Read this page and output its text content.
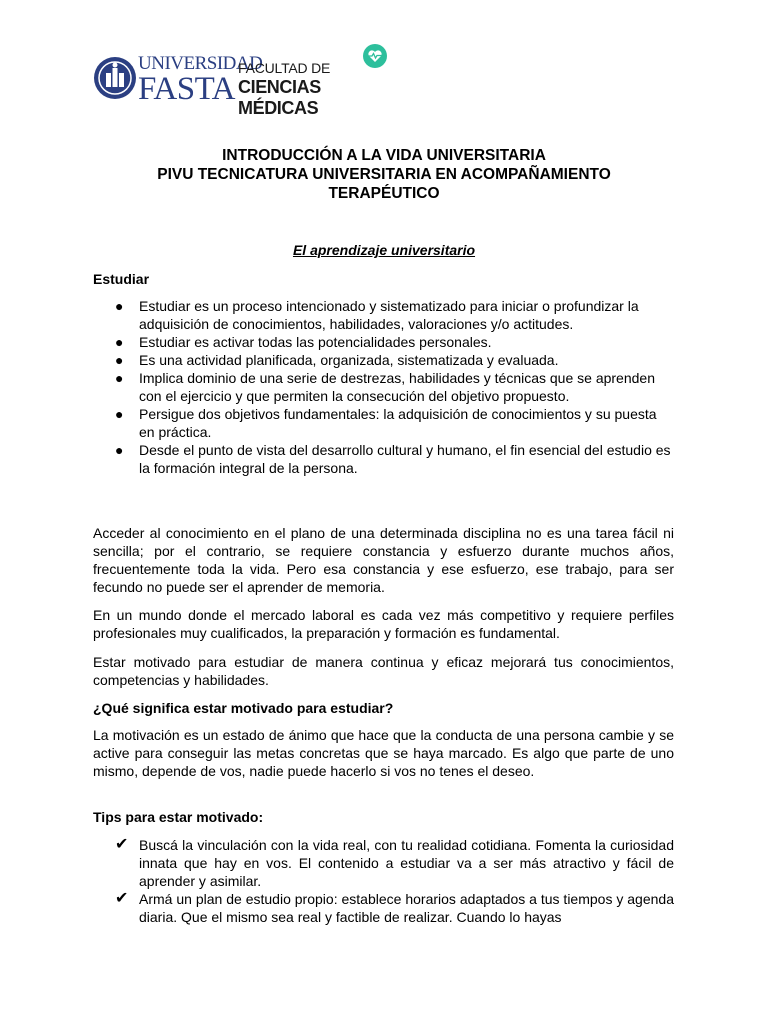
UNIVERSIDAD
FASTA
FACULTAD DE
CIENCIAS MÉDICAS
INTRODUCCIÓN A LA VIDA UNIVERSITARIA
PIVU TECNICATURA UNIVERSITARIA EN ACOMPAÑAMIENTO
TERAPÉUTICO
El aprendizaje universitario
Estudiar
● Estudiar es un proceso intencionado y sistematizado para iniciar o profundizar la adquisición de conocimientos, habilidades, valoraciones y/o actitudes.
● Estudiar es activar todas las potencialidades personales.
● Es una actividad planificada, organizada, sistematizada y evaluada.
● Implica dominio de una serie de destrezas, habilidades y técnicas que se aprenden con el ejercicio y que permiten la consecución del objetivo propuesto.
● Persigue dos objetivos fundamentales: la adquisición de conocimientos y su puesta en práctica.
● Desde el punto de vista del desarrollo cultural y humano, el fin esencial del estudio es la formación integral de la persona.
Acceder al conocimiento en el plano de una determinada disciplina no es una tarea fácil ni sencilla; por el contrario, se requiere constancia y esfuerzo durante muchos años, frecuentemente toda la vida. Pero esa constancia y ese esfuerzo, ese trabajo, para ser fecundo no puede ser el aprender de memoria.
En un mundo donde el mercado laboral es cada vez más competitivo y requiere perfiles profesionales muy cualificados, la preparación y formación es fundamental.
Estar motivado para estudiar de manera continua y eficaz mejorará tus conocimientos, competencias y habilidades.
¿Qué significa estar motivado para estudiar?
La motivación es un estado de ánimo que hace que la conducta de una persona cambie y se active para conseguir las metas concretas que se haya marcado. Es algo que parte de uno mismo, depende de vos, nadie puede hacerlo si vos no tenes el deseo.
Tips para estar motivado:
✔ Buscá la vinculación con la vida real, con tu realidad cotidiana. Fomenta la curiosidad innata que hay en vos. El contenido a estudiar va a ser más atractivo y fácil de aprender y asimilar.
✔ Armá un plan de estudio propio: establece horarios adaptados a tus tiempos y agenda diaria. Que el mismo sea real y factible de realizar. Cuando lo hayas
